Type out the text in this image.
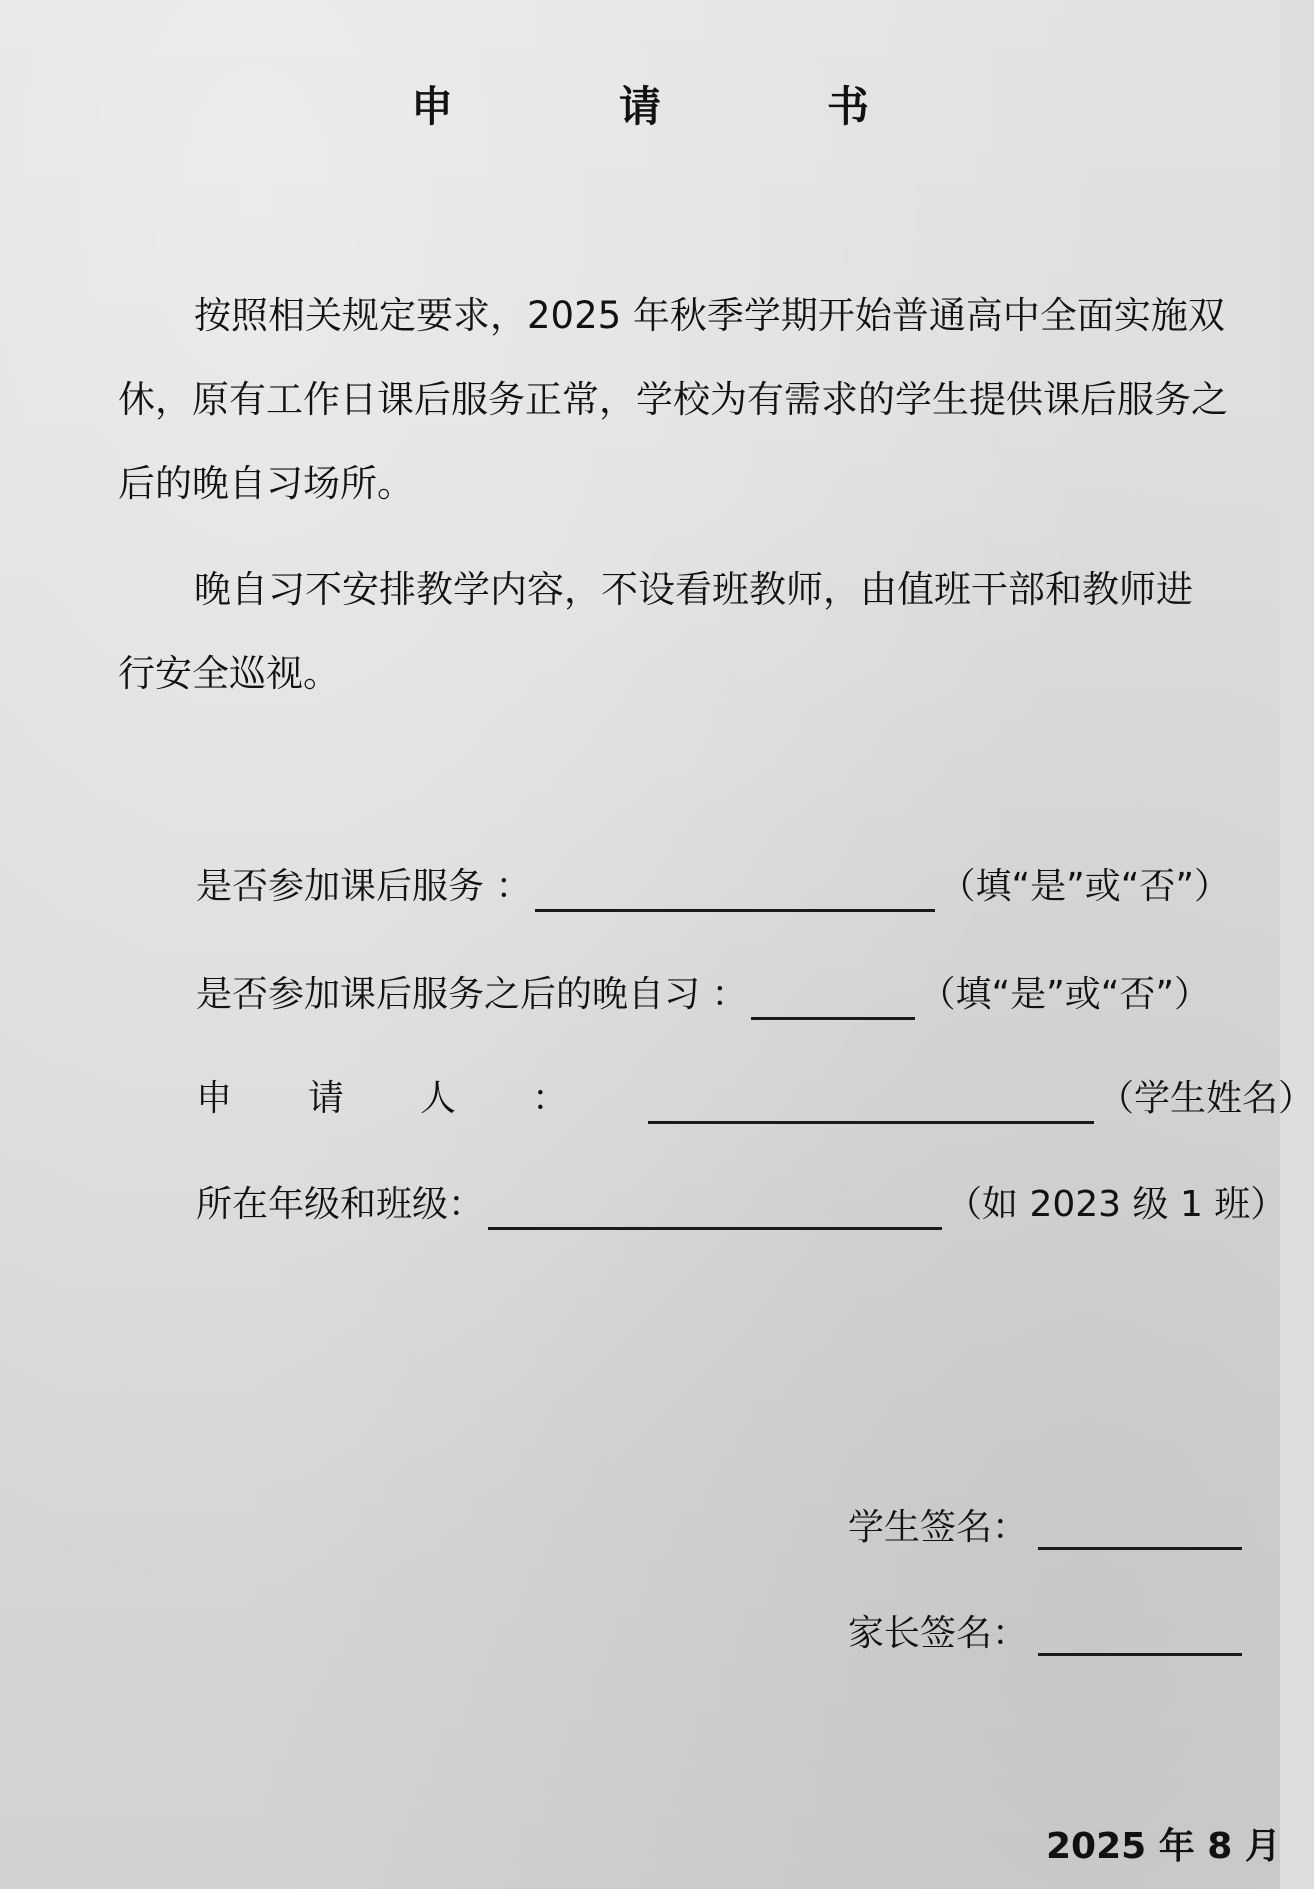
申　请　书

按照相关规定要求，2025 年秋季学期开始普通高中全面实施双休，原有工作日课后服务正常，学校为有需求的学生提供课后服务之后的晚自习场所。

晚自习不安排教学内容，不设看班教师，由值班干部和教师进行安全巡视。

是否参加课后服务 ：	（填“是”或“否”）
是否参加课后服务之后的晚自习 ：	（填“是”或“否”）
申请人：	（学生姓名）
所在年级和班级：	（如 2023 级 1 班）
学生签名：
家长签名：
2025 年 8 月
